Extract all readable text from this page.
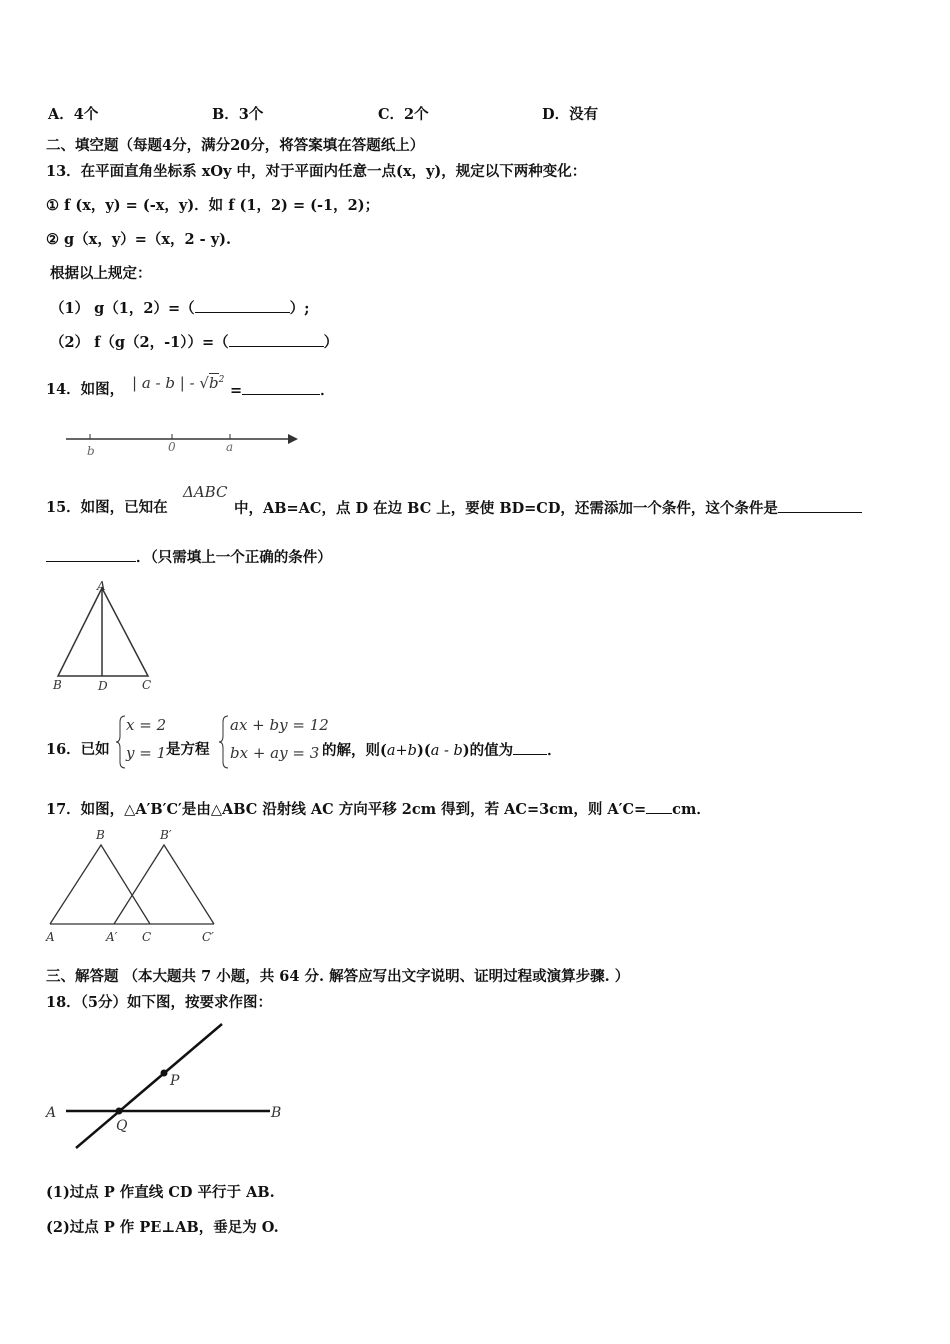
A．4个	B．3个	C．2个	D．没有
二、填空题（每题4分，满分20分，将答案填在答题纸上）
13．在平面直角坐标系 xOy 中，对于平面内任意一点(x，y)，规定以下两种变化：
① f (x，y) = (-x，y)．如 f (1，2) = (-1，2)；
② g（x，y）=（x，2 - y).
根据以上规定：
（1） g（1，2）=（	）;
（2） f（g（2，-1））=（	）
14．如图， | a - b | - $√b^2$
=	．
b	0	a
15．如图，已知在
ΔABC
中，AB=AC，点 D 在边 BC 上，要使 BD=CD，还需添加一个条件，这个条件是
．（只需填上一个正确的条件）
A
B	D	C
16．已如
x = 2
y = 1 是方程
ax + by = 12
bx + ay = 3 的解，则(a+b)(a - b)的值为 ．
17．如图，△A′B′C′是由△ABC 沿射线 AC 方向平移 2cm 得到，若 AC=3cm，则 A′C= cm．
B	B′
A	A′ C	C′
三、解答题 （本大题共 7 小题，共 64 分. 解答应写出文字说明、证明过程或演算步骤. ）
18．（5分）如下图，按要求作图：
A	B
P
Q
(1)过点 P 作直线 CD 平行于 AB.
(2)过点 P 作 PE⊥AB，垂足为 O.
